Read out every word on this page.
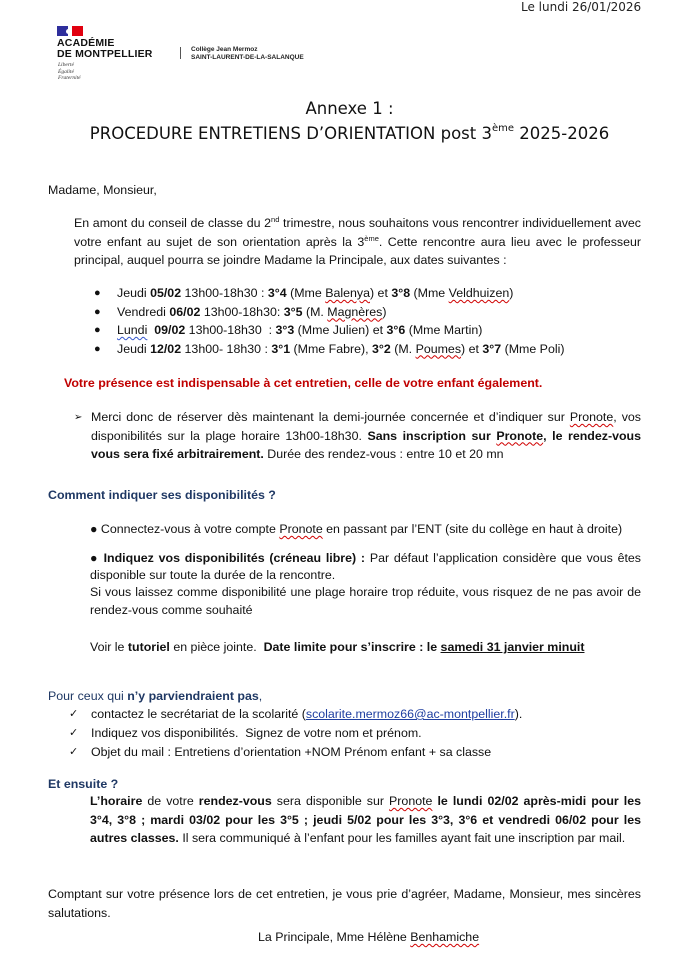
Le lundi 26/01/2026
ACADÉMIE
DE MONTPELLIER
Liberté
Égalité
Fraternité
Collège Jean Mermoz
SAINT-LAURENT-DE-LA-SALANQUE
Annexe 1 :
PROCEDURE ENTRETIENS D’ORIENTATION post 3ème 2025-2026

Madame, Monsieur,

En amont du conseil de classe du 2nd trimestre, nous souhaitons vous rencontrer individuellement avec votre enfant au sujet de son orientation après la 3ème. Cette rencontre aura lieu avec le professeur principal, auquel pourra se joindre Madame la Principale, aux dates suivantes :

● Jeudi 05/02 13h00-18h30 : 3°4 (Mme Balenya) et 3°8 (Mme Veldhuizen)
● Vendredi 06/02 13h00-18h30: 3°5 (M. Magnères)
● Lundi  09/02 13h00-18h30  : 3°3 (Mme Julien) et 3°6 (Mme Martin)
● Jeudi 12/02 13h00- 18h30 : 3°1 (Mme Fabre), 3°2 (M. Poumes) et 3°7 (Mme Poli)

Votre présence est indispensable à cet entretien, celle de votre enfant également.

➢ Merci donc de réserver dès maintenant la demi-journée concernée et d’indiquer sur Pronote, vos disponibilités sur la plage horaire 13h00-18h30. Sans inscription sur Pronote, le rendez-vous vous sera fixé arbitrairement. Durée des rendez-vous : entre 10 et 20 mn

Comment indiquer ses disponibilités ?

● Connectez-vous à votre compte Pronote en passant par l’ENT (site du collège en haut à droite)

● Indiquez vos disponibilités (créneau libre) : Par défaut l’application considère que vous êtes disponible sur toute la durée de la rencontre.

Si vous laissez comme disponibilité une plage horaire trop réduite, vous risquez de ne pas avoir de rendez-vous comme souhaité

Voir le tutoriel en pièce jointe.  Date limite pour s’inscrire : le samedi 31 janvier minuit

Pour ceux qui n’y parviendraient pas,

✓ contactez le secrétariat de la scolarité (scolarite.mermoz66@ac-montpellier.fr).
✓ Indiquez vos disponibilités.  Signez de votre nom et prénom.
✓ Objet du mail : Entretiens d’orientation +NOM Prénom enfant + sa classe

Et ensuite ?

L’horaire de votre rendez-vous sera disponible sur Pronote le lundi 02/02 après-midi pour les 3°4, 3°8 ; mardi 03/02 pour les 3°5 ; jeudi 5/02 pour les 3°3, 3°6 et vendredi 06/02 pour les autres classes. Il sera communiqué à l’enfant pour les familles ayant fait une inscription par mail.

Comptant sur votre présence lors de cet entretien, je vous prie d’agréer, Madame, Monsieur, mes sincères salutations.

La Principale, Mme Hélène Benhamiche
